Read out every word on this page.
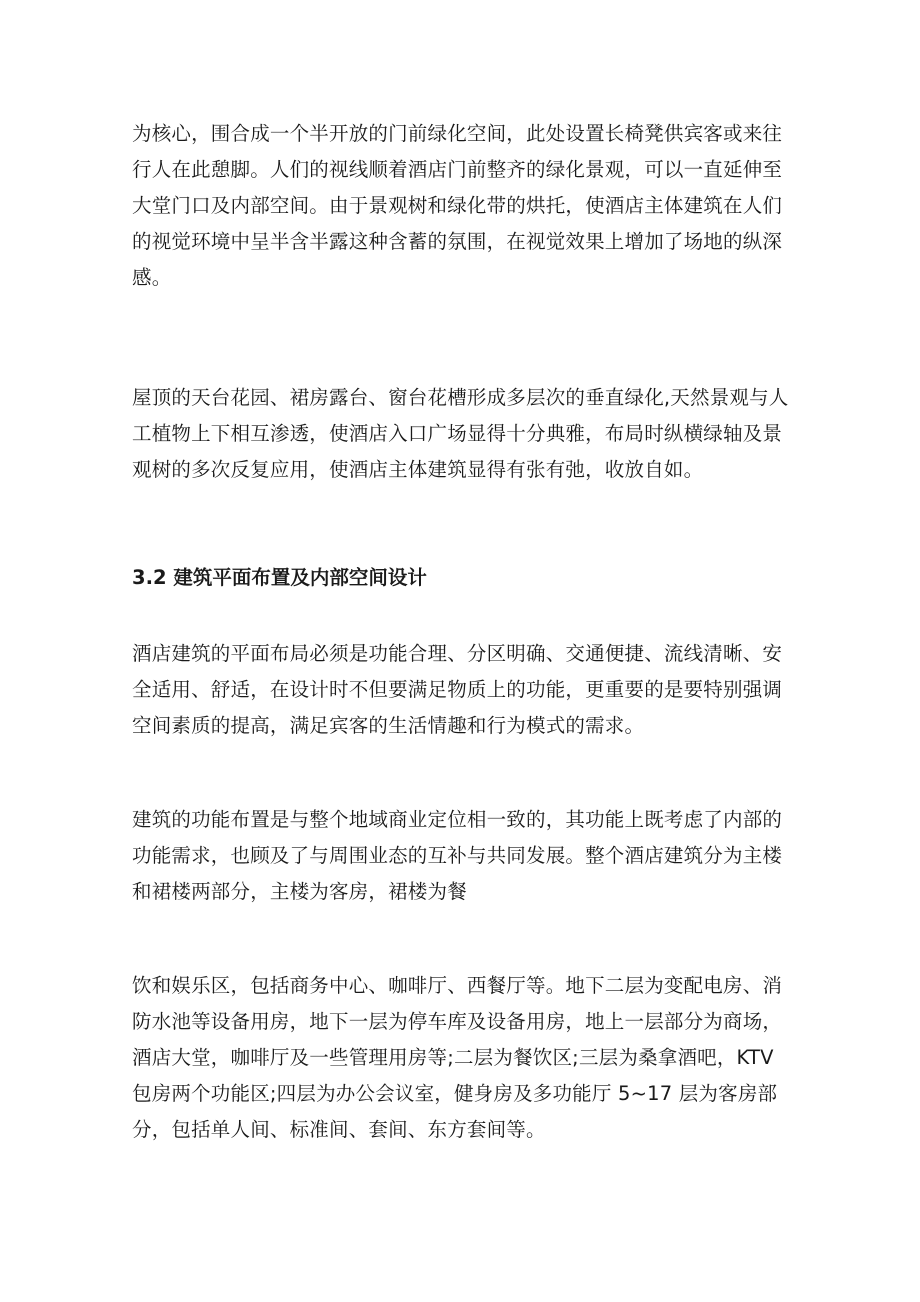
为核心，围合成一个半开放的门前绿化空间，此处设置长椅凳供宾客或来往
行人在此憩脚。人们的视线顺着酒店门前整齐的绿化景观，可以一直延伸至
大堂门口及内部空间。由于景观树和绿化带的烘托，使酒店主体建筑在人们
的视觉环境中呈半含半露这种含蓄的氛围，在视觉效果上增加了场地的纵深
感。
屋顶的天台花园、裙房露台、窗台花槽形成多层次的垂直绿化,天然景观与人
工植物上下相互渗透，使酒店入口广场显得十分典雅，布局时纵横绿轴及景
观树的多次反复应用，使酒店主体建筑显得有张有弛，收放自如。
3.2 建筑平面布置及内部空间设计
酒店建筑的平面布局必须是功能合理、分区明确、交通便捷、流线清晰、安
全适用、舒适，在设计时不但要满足物质上的功能，更重要的是要特别强调
空间素质的提高，满足宾客的生活情趣和行为模式的需求。
建筑的功能布置是与整个地域商业定位相一致的，其功能上既考虑了内部的
功能需求，也顾及了与周围业态的互补与共同发展。整个酒店建筑分为主楼
和裙楼两部分，主楼为客房，裙楼为餐
饮和娱乐区，包括商务中心、咖啡厅、西餐厅等。地下二层为变配电房、消
防水池等设备用房，地下一层为停车库及设备用房，地上一层部分为商场，
酒店大堂，咖啡厅及一些管理用房等;二层为餐饮区;三层为桑拿酒吧，KTV
包房两个功能区;四层为办公会议室，健身房及多功能厅 5~17 层为客房部
分，包括单人间、标准间、套间、东方套间等。
